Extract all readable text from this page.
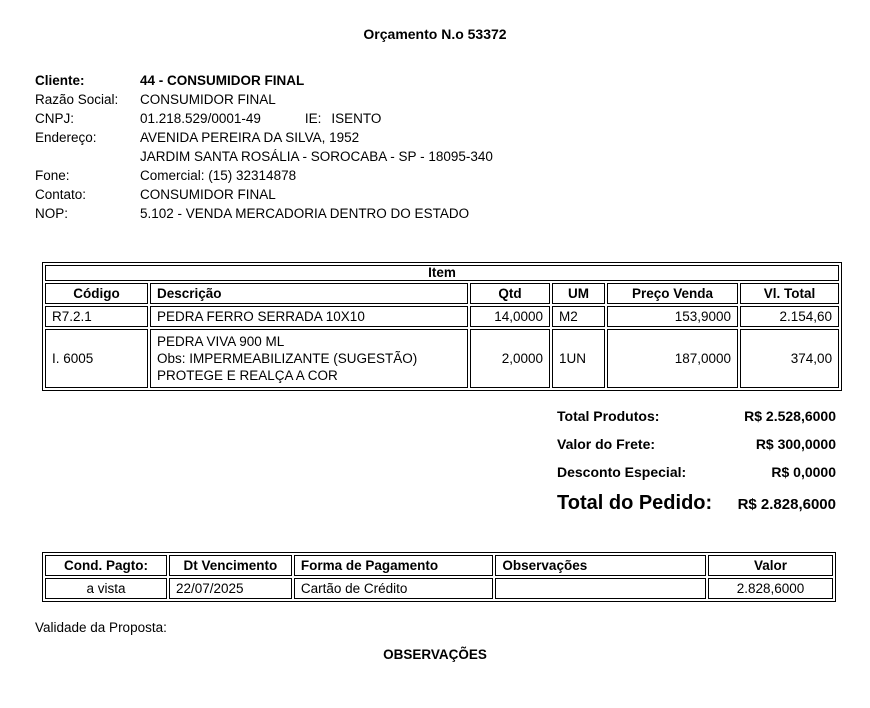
Orçamento N.o 53372
Cliente:	44 - CONSUMIDOR FINAL
Razão Social: CONSUMIDOR FINAL
CNPJ:	01.218.529/0001-49	IE: ISENTO
Endereço:	AVENIDA PEREIRA DA SILVA, 1952
JARDIM SANTA ROSÁLIA - SOROCABA - SP - 18095-340
Fone:	Comercial: (15) 32314878
Contato:	CONSUMIDOR FINAL
NOP:	5.102 - VENDA MERCADORIA DENTRO DO ESTADO
Item					
Código	Descrição	Qtd	UM	Preço Venda	Vl. Total
R7.2.1	PEDRA FERRO SERRADA 10X10	14,0000	M2	153,9000	2.154,60
I. 6005	PEDRA VIVA 900 ML
Obs: IMPERMEABILIZANTE (SUGESTÃO)
PROTEGE E REALÇA A COR	2,0000	1UN	187,0000	374,00
Total Produtos:	R$ 2.528,6000
Valor do Frete:	R$ 300,0000
Desconto Especial:	R$ 0,0000
Total do Pedido: R$ 2.828,6000
Cond. Pagto:	Dt Vencimento	Forma de Pagamento	Observações	Valor
a vista	22/07/2025	Cartão de Crédito		2.828,6000
Validade da Proposta:
OBSERVAÇÕES
